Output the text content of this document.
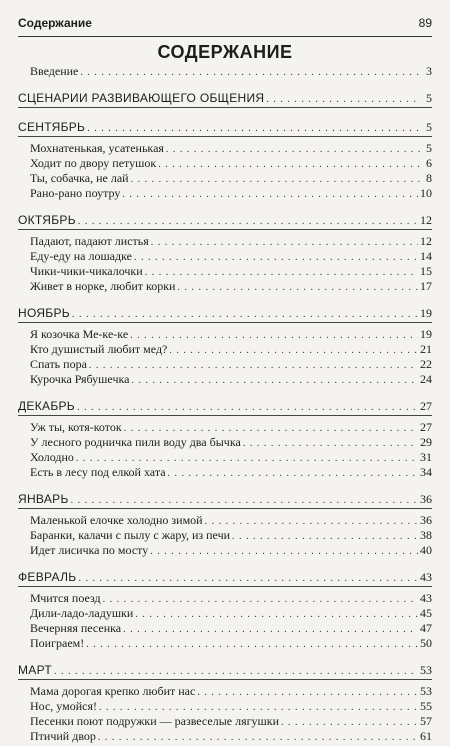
Содержание	89
СОДЕРЖАНИЕ
Введение . . .	3
СЦЕНАРИИ РАЗВИВАЮЩЕГО ОБЩЕНИЯ . . .	5
СЕНТЯБРЬ . . .	5
Мохнатенькая, усатенькая . . .	5
Ходит по двору петушок . . .	6
Ты, собачка, не лай . . .	8
Рано-рано поутру . . .	10
ОКТЯБРЬ . . .	12
Падают, падают листья . . .	12
Еду-еду на лошадке . . .	14
Чики-чики-чикалочки . . .	15
Живет в норке, любит корки . . .	17
НОЯБРЬ . . .	19
Я козочка Ме-ке-ке . . .	19
Кто душистый любит мед? . . .	21
Спать пора . . .	22
Курочка Рябушечка . . .	24
ДЕКАБРЬ . . .	27
Уж ты, котя-коток . . .	27
У лесного родничка пили воду два бычка . . .	29
Холодно . . .	31
Есть в лесу под елкой хата . . .	34
ЯНВАРЬ . . .	36
Маленькой елочке холодно зимой . . .	36
Баранки, калачи с пылу с жару, из печи . . .	38
Идет лисичка по мосту . . .	40
ФЕВРАЛЬ . . .	43
Мчится поезд . . .	43
Дили-ладо-ладушки . . .	45
Вечерняя песенка . . .	47
Поиграем! . . .	50
МАРТ . . .	53
Мама дорогая крепко любит нас . . .	53
Нос, умойся! . . .	55
Песенки поют подружки — развеселые лягушки . . .	57
Птичий двор . . .	61
